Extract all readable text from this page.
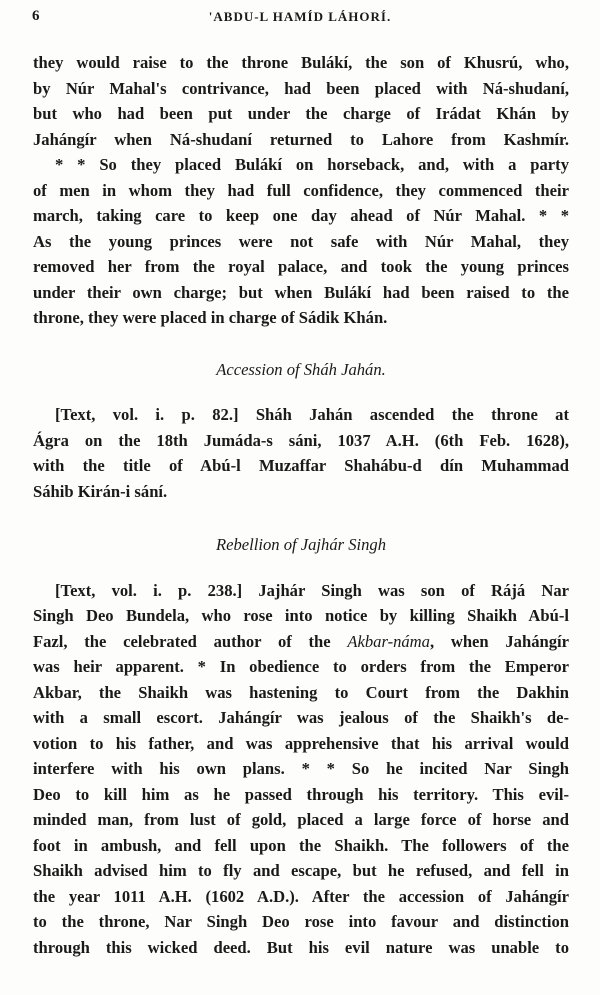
6	'ABDU-L HAMÍD LÁHORÍ.
they would raise to the throne Bulákí, the son of Khusrú, who,
by Núr Mahal's contrivance, had been placed with Ná-shudaní,
but who had been put under the charge of Irádat Khán by
Jahángír when Ná-shudaní returned to Lahore from Kashmír.
* * So they placed Bulákí on horseback, and, with a party
of men in whom they had full confidence, they commenced their
march, taking care to keep one day ahead of Núr Mahal. * *
As the young princes were not safe with Núr Mahal, they
removed her from the royal palace, and took the young princes
under their own charge; but when Bulákí had been raised to the
throne, they were placed in charge of Sádik Khán.

Accession of Sháh Jahán.

[Text, vol. i. p. 82.] Sháh Jahán ascended the throne at
Ágra on the 18th Jumáda-s sáni, 1037 A.H. (6th Feb. 1628),
with the title of Abú-l Muzaffar Shahábu-d dín Muhammad
Sáhib Kirán-i sání.

Rebellion of Jajhár Singh

[Text, vol. i. p. 238.] Jajhár Singh was son of Rájá Nar
Singh Deo Bundela, who rose into notice by killing Shaikh Abú-l
Fazl, the celebrated author of the Akbar-náma, when Jahángír
was heir apparent. * In obedience to orders from the Emperor
Akbar, the Shaikh was hastening to Court from the Dakhin
with a small escort. Jahángír was jealous of the Shaikh's de-
votion to his father, and was apprehensive that his arrival would
interfere with his own plans. * * So he incited Nar Singh
Deo to kill him as he passed through his territory. This evil-
minded man, from lust of gold, placed a large force of horse and
foot in ambush, and fell upon the Shaikh. The followers of the
Shaikh advised him to fly and escape, but he refused, and fell in
the year 1011 A.H. (1602 A.D.). After the accession of Jahángír
to the throne, Nar Singh Deo rose into favour and distinction
through this wicked deed. But his evil nature was unable to
